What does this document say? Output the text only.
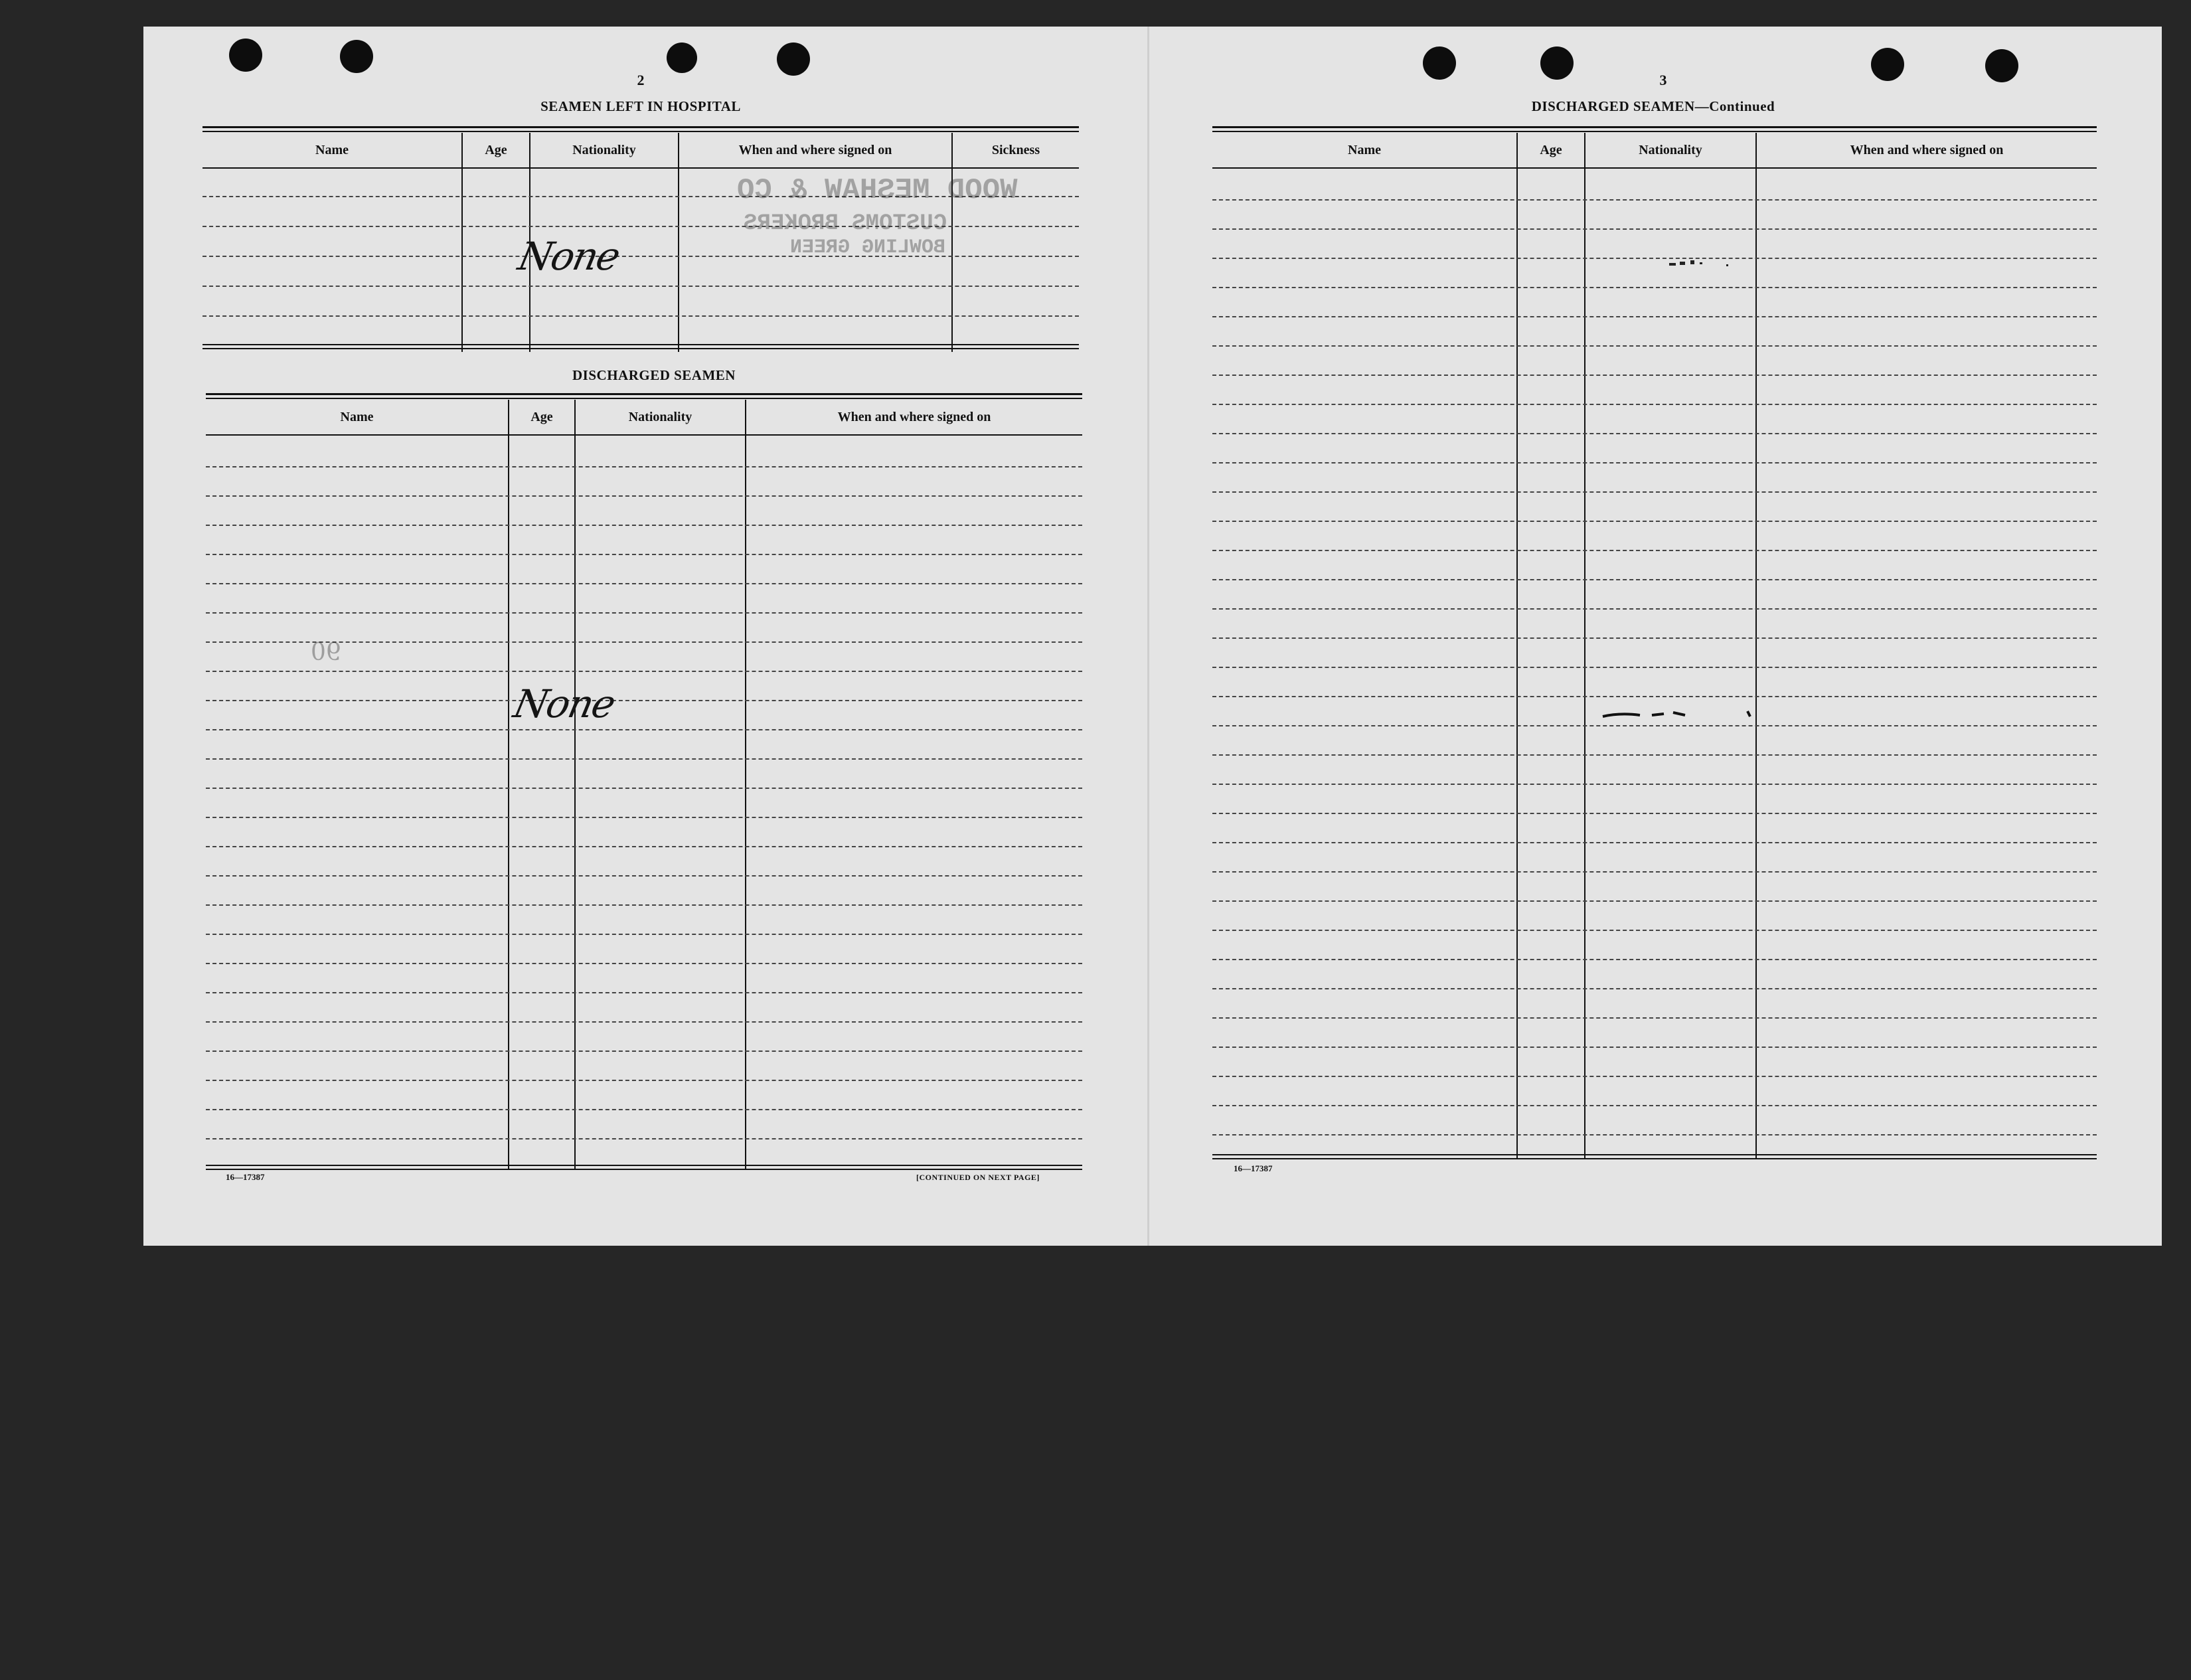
2
SEAMEN LEFT IN HOSPITAL
Name	Age	Nationality	When and where signed on	Sickness
WOOD MESHAW & CO
CUSTOMS BROKERS
BOWLING GREEN
None
DISCHARGED SEAMEN
Name	Age	Nationality	When and where signed on
90
None
16—17387	[CONTINUED ON NEXT PAGE]
3
DISCHARGED SEAMEN—Continued
Name	Age	Nationality	When and where signed on
16—17387
